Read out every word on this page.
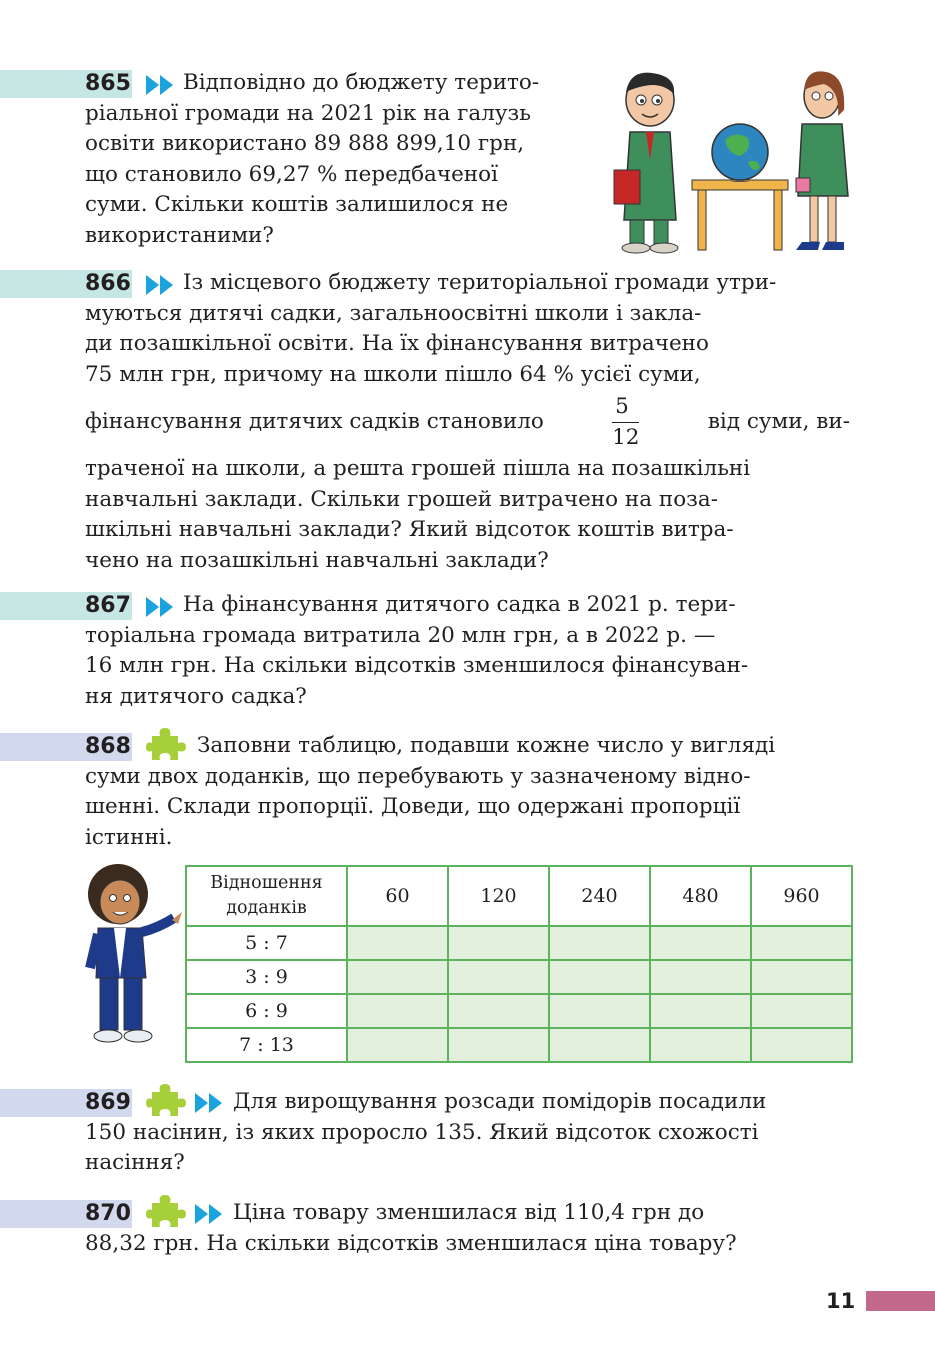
865	Відповідно до бюджету терито-
ріальної громади на 2021 рік на галузь
освіти використано 89 888 899,10 грн,
що становило 69,27 % передбаченої
суми. Скільки коштів залишилося не
використаними?
866	Із місцевого бюджету територіальної громади утри-
муються дитячі садки, загальноосвітні школи і закла-
ди позашкільної освіти. На їх фінансування витрачено
75 млн грн, причому на школи пішло 64 % усієї суми,
фінансування дитячих садків становило	$\frac{5}{12}$	від суми, ви-
траченої на школи, а решта грошей пішла на позашкільні
навчальні заклади. Скільки грошей витрачено на поза-
шкільні навчальні заклади? Який відсоток коштів витра-
чено на позашкільні навчальні заклади?
867	На фінансування дитячого садка в 2021 р. тери-
торіальна громада витратила 20 млн грн, а в 2022 р. —
16 млн грн. На скільки відсотків зменшилося фінансуван-
ня дитячого садка?
868	Заповни таблицю, подавши кожне число у вигляді
суми двох доданків, що перебувають у зазначеному відно-
шенні. Склади пропорції. Доведи, що одержані пропорції
істинні.
Відношення
доданків	60	120	240	480	960
5 : 7					
3 : 9					
6 : 9					
7 : 13					
869	Для вирощування розсади помідорів посадили
150 насінин, із яких проросло 135. Який відсоток схожості
насіння?
870	Ціна товару зменшилася від 110,4 грн до
88,32 грн. На скільки відсотків зменшилася ціна товару?
11
